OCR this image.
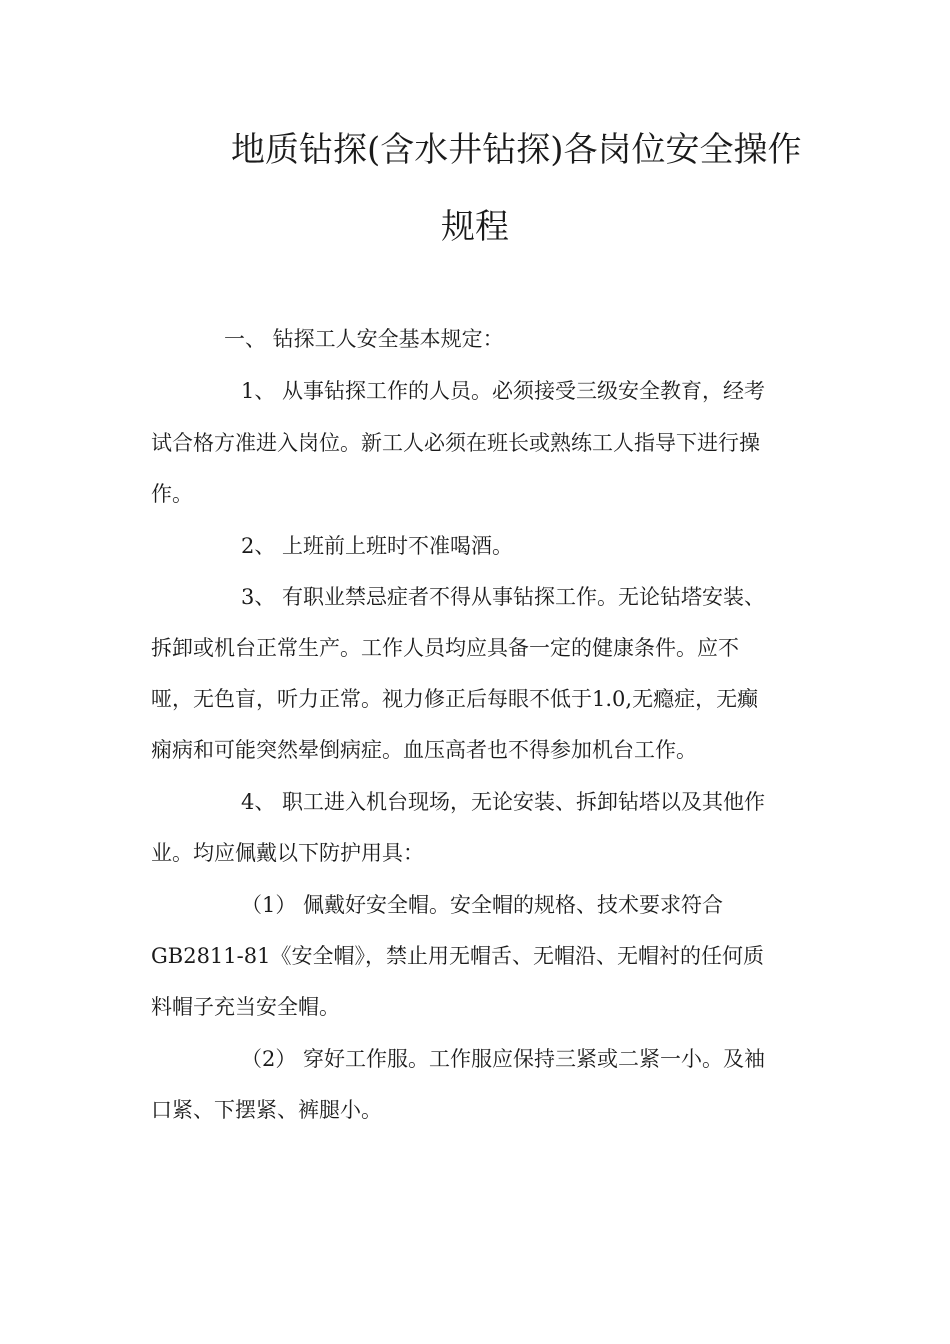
地质钻探(含水井钻探)各岗位安全操作
规程
一、 钻探工人安全基本规定：
1、 从事钻探工作的人员。必须接受三级安全教育，经考
试合格方准进入岗位。新工人必须在班长或熟练工人指导下进行操
作。
2、 上班前上班时不准喝酒。
3、 有职业禁忌症者不得从事钻探工作。无论钻塔安装、
拆卸或机台正常生产。工作人员均应具备一定的健康条件。应不
哑，无色盲，听力正常。视力修正后每眼不低于1.0,无瘾症，无癫
痫病和可能突然晕倒病症。血压高者也不得参加机台工作。
4、 职工进入机台现场，无论安装、拆卸钻塔以及其他作
业。均应佩戴以下防护用具：
（1） 佩戴好安全帽。安全帽的规格、技术要求符合
GB2811-81《安全帽》，禁止用无帽舌、无帽沿、无帽衬的任何质
料帽子充当安全帽。
（2） 穿好工作服。工作服应保持三紧或二紧一小。及袖
口紧、下摆紧、裤腿小。
